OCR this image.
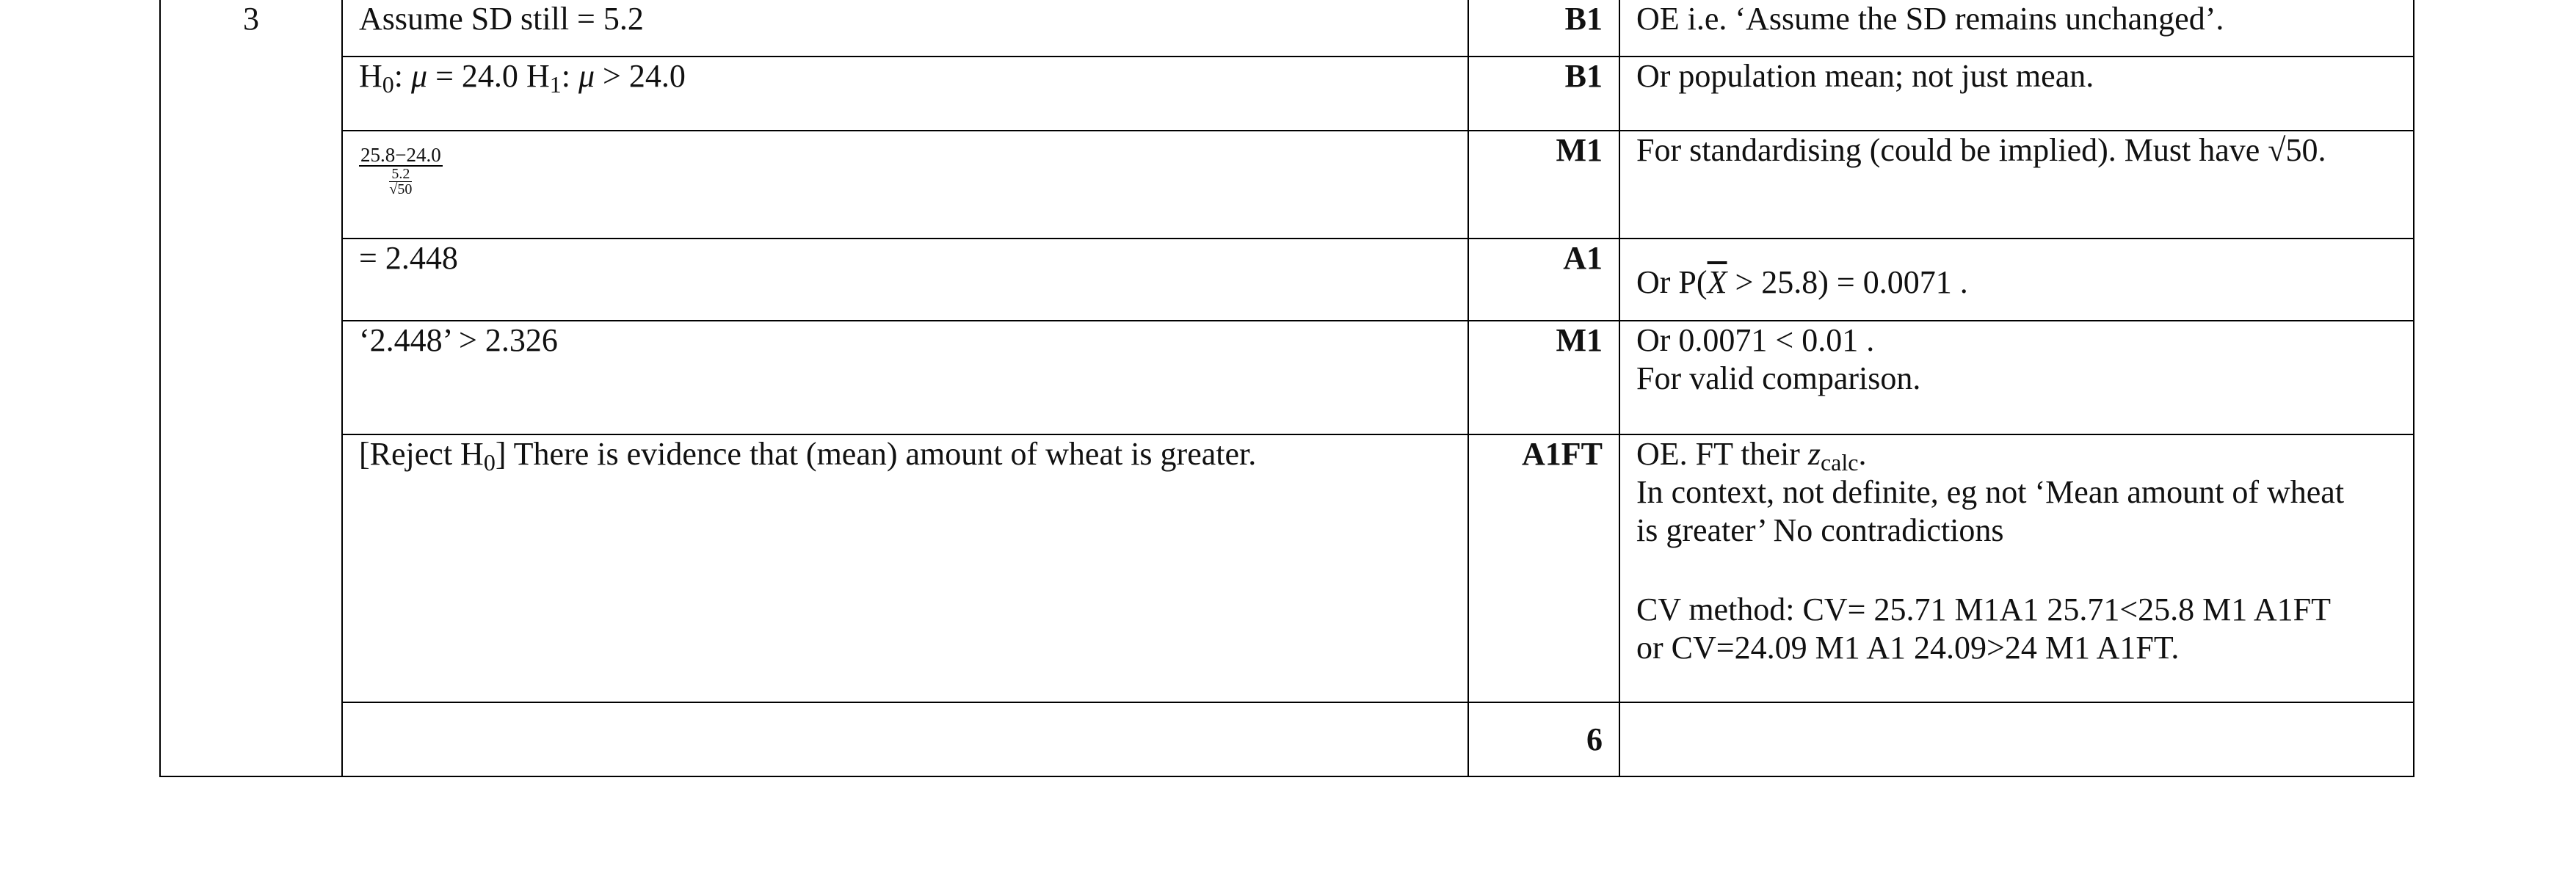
3	Assume SD still = 5.2	B1	OE i.e. ‘Assume the SD remains unchanged’.
	$H_0$: μ = 24.0 $H_1$: μ > 24.0	B1	Or population mean; not just mean.

	$\frac{25.8-24.0}{\frac{5.2}{√50}}$	M1	For standardising (could be implied). Must have √50.
	= 2.448	A1	Or $P(\overline{X} > 25.8) = 0.0071$ .
	‘2.448’ > 2.326	M1	Or 0.0071 < 0.01 .
For valid comparison.

	[Reject $H_0$] There is evidence that (mean) amount of wheat is greater.	A1FT	OE. FT their $z_{calc}$.
In context, not definite, eg not ‘Mean amount of wheat
is greater’ No contradictions
CV method: CV= 25.71 M1A1 25.71<25.8 M1 A1FT
or CV=24.09 M1 A1 24.09>24 M1 A1FT.

		6	
